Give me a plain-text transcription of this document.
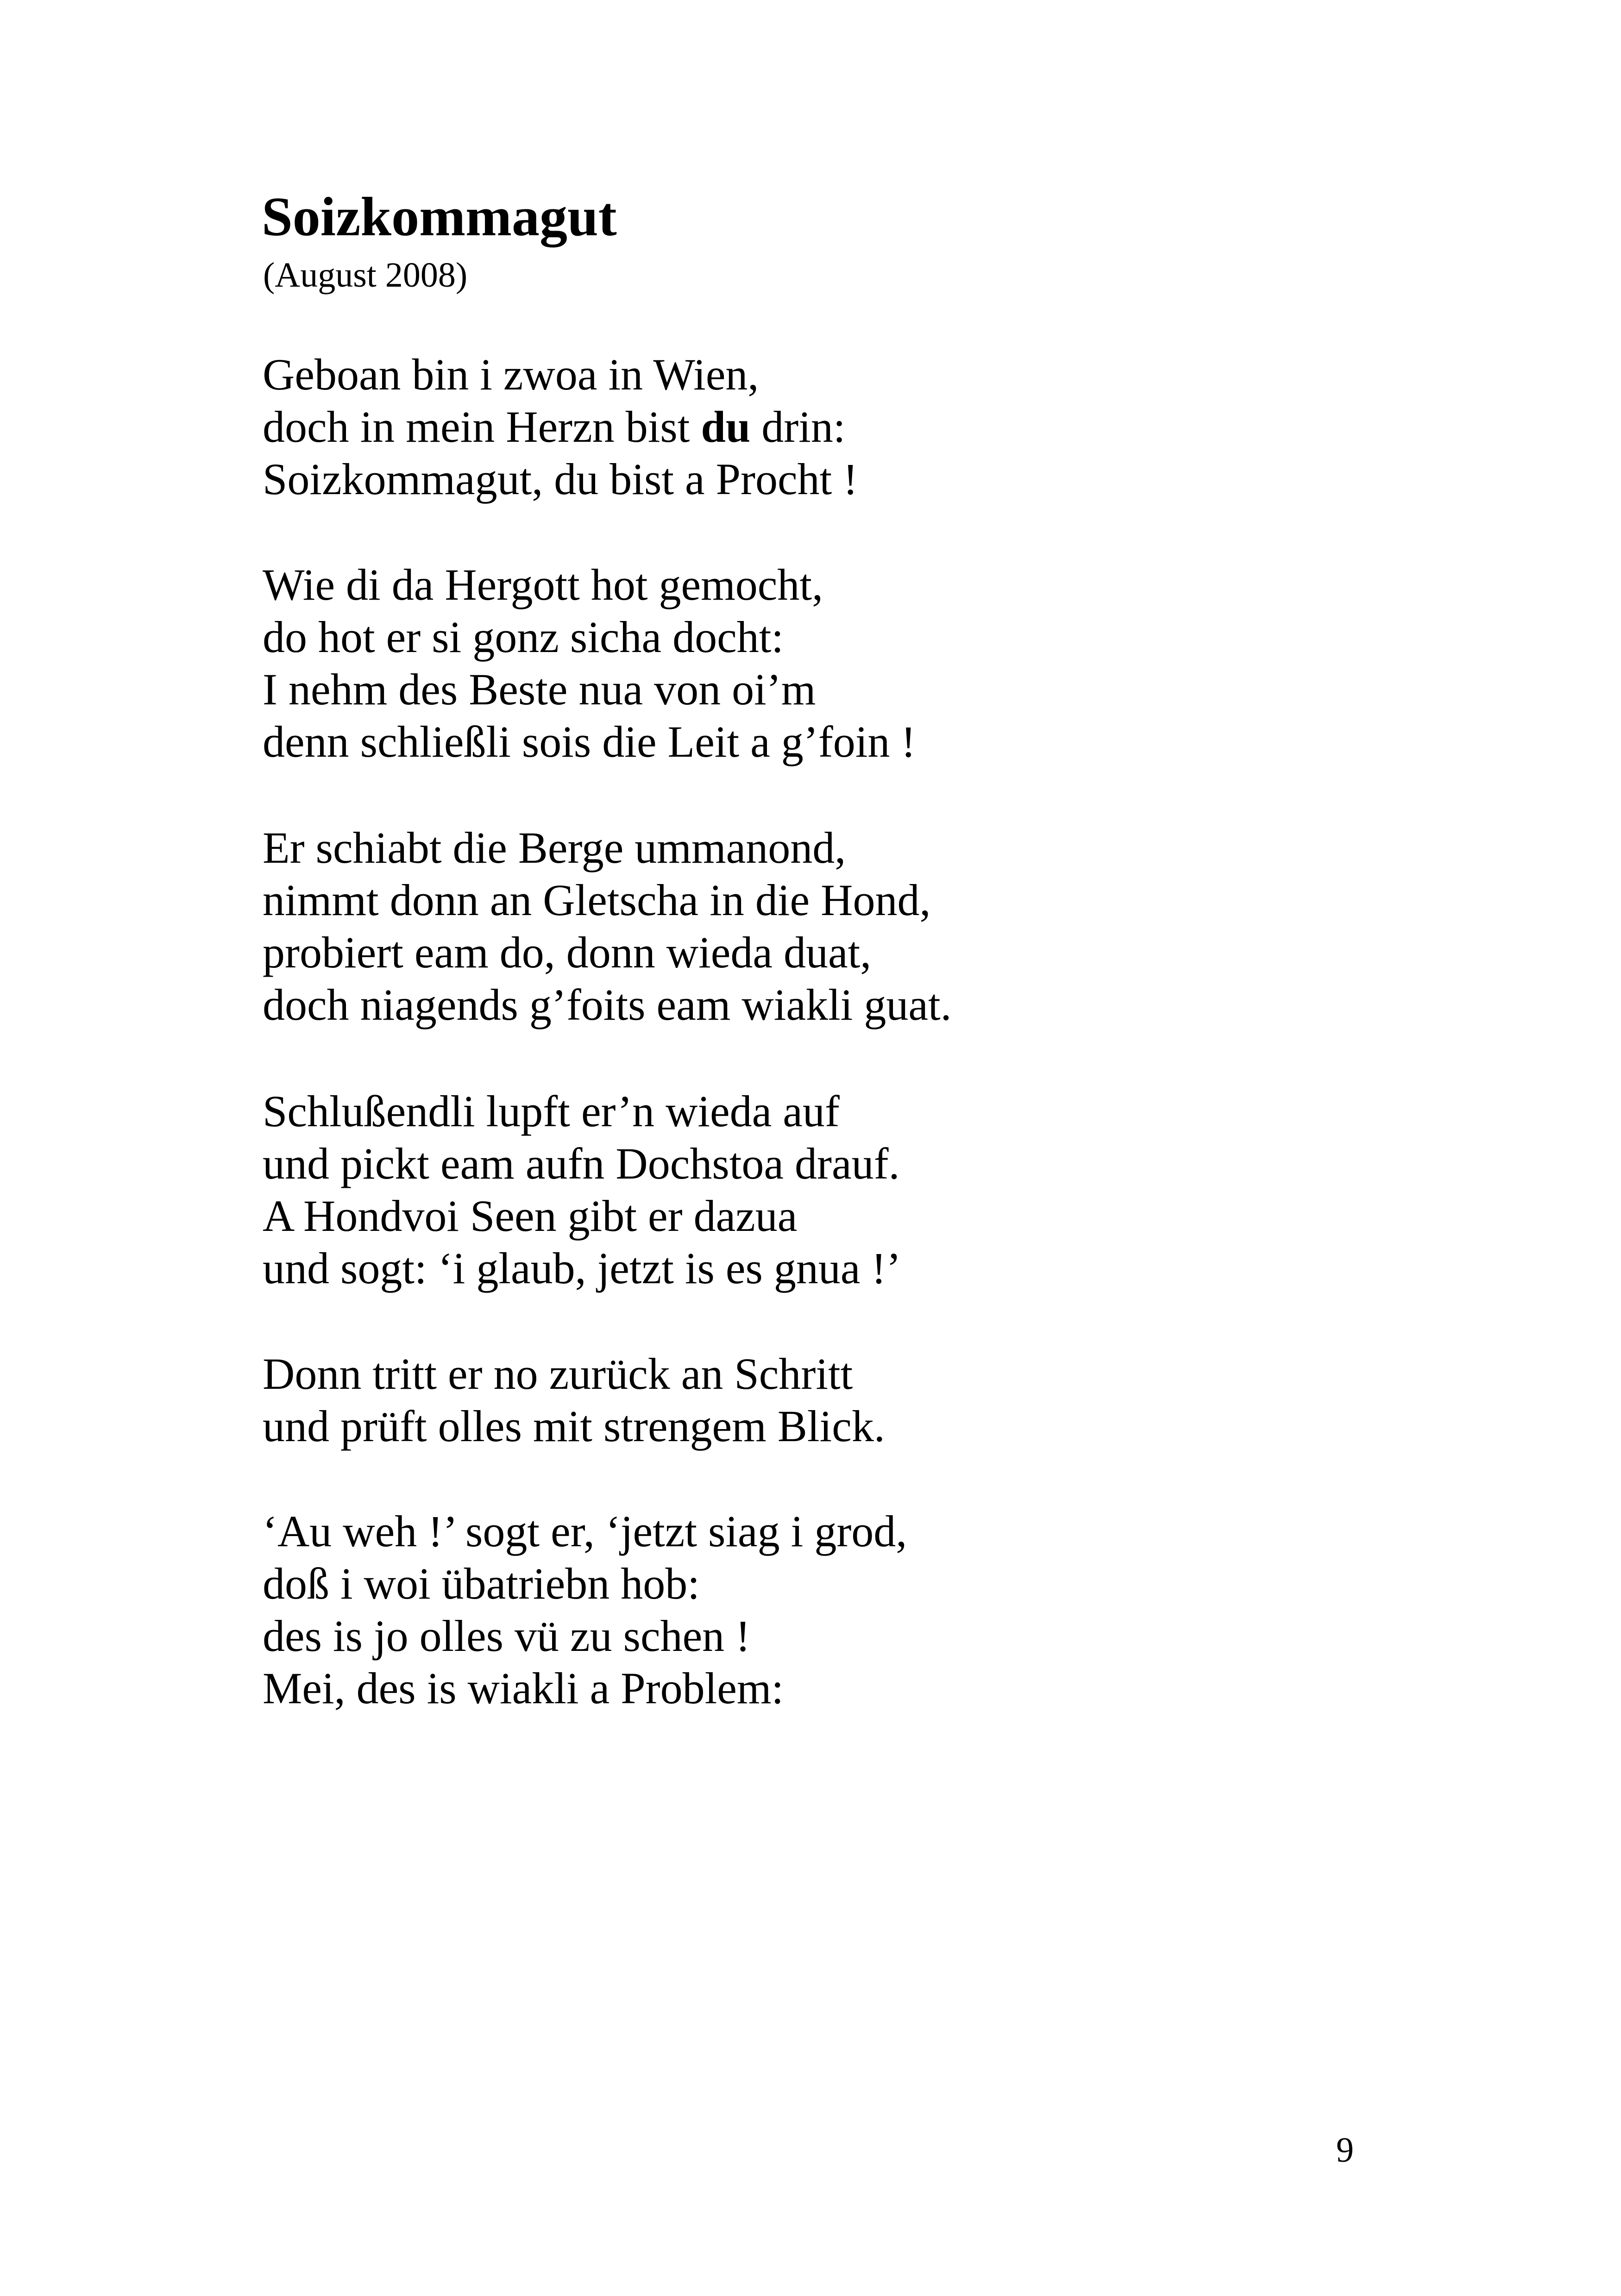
Soizkommagut
(August 2008)
Geboan bin i zwoa in Wien,
doch in mein Herzn bist du drin:
Soizkommagut, du bist a Procht !
Wie di da Hergott hot gemocht,
do hot er si gonz sicha docht:
I nehm des Beste nua von oi’m
denn schließli sois die Leit a g’foin !
Er schiabt die Berge ummanond,
nimmt donn an Gletscha in die Hond,
probiert eam do, donn wieda duat,
doch niagends g’foits eam wiakli guat.
Schlußendli lupft er’n wieda auf
und pickt eam aufn Dochstoa drauf.
A Hondvoi Seen gibt er dazua
und sogt: ‘i glaub, jetzt is es gnua !’
Donn tritt er no zurück an Schritt
und prüft olles mit strengem Blick.
‘Au weh !’ sogt er, ‘jetzt siag i grod,
doß i woi übatriebn hob:
des is jo olles vü zu schen !
Mei, des is wiakli a Problem:
9
